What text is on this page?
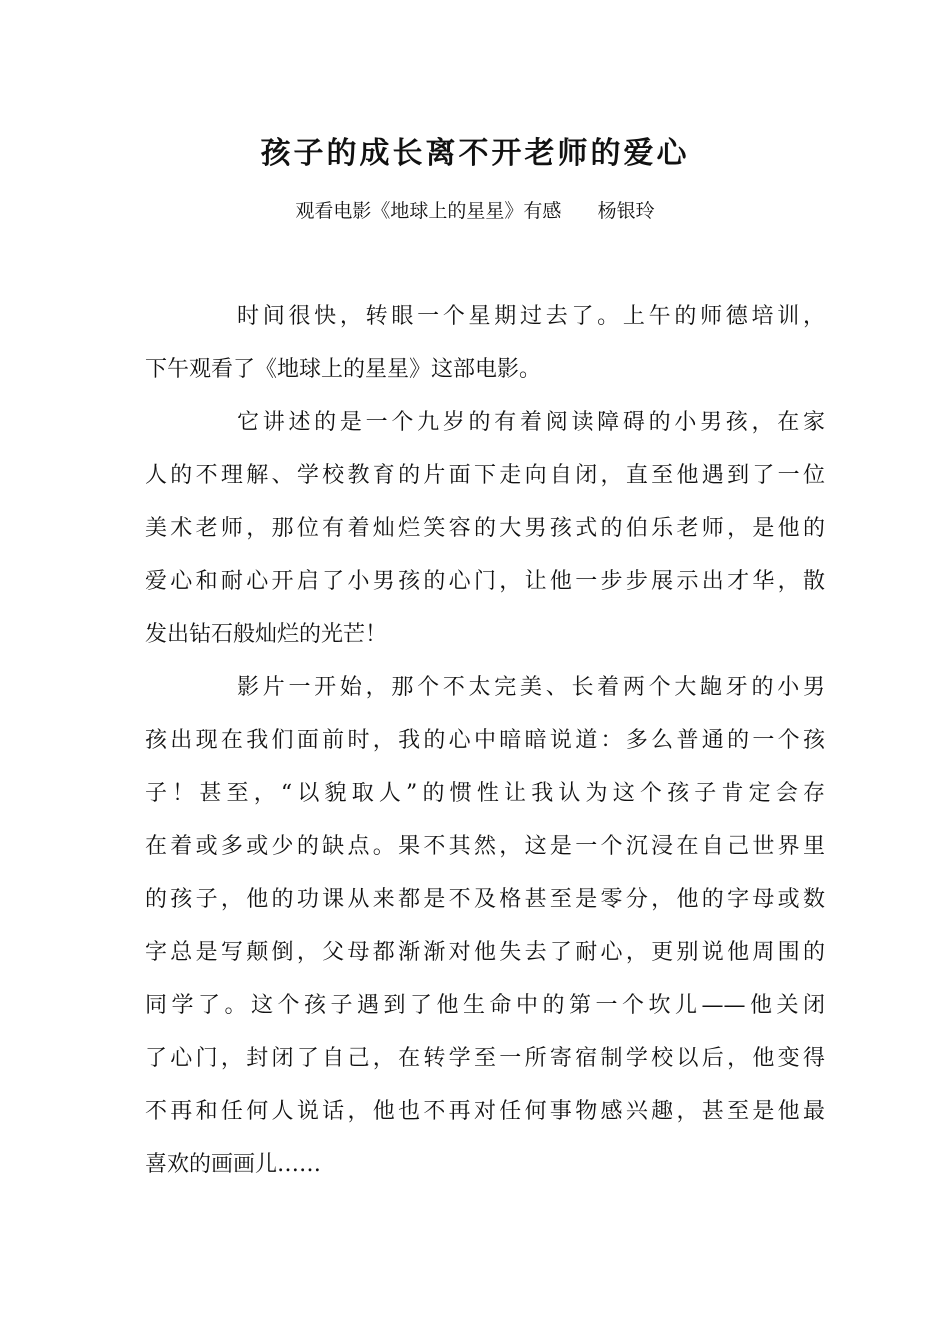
孩子的成长离不开老师的爱心
观看电影《地球上的星星》有感      杨银玲

时间很快，转眼一个星期过去了。上午的师德培训，
下午观看了《地球上的星星》这部电影。

它讲述的是一个九岁的有着阅读障碍的小男孩，在家
人的不理解、学校教育的片面下走向自闭，直至他遇到了一位
美术老师，那位有着灿烂笑容的大男孩式的伯乐老师，是他的
爱心和耐心开启了小男孩的心门，让他一步步展示出才华，散
发出钻石般灿烂的光芒！

影片一开始，那个不太完美、长着两个大龅牙的小男
孩出现在我们面前时，我的心中暗暗说道：多么普通的一个孩
子！甚至，“以貌取人”的惯性让我认为这个孩子肯定会存
在着或多或少的缺点。果不其然，这是一个沉浸在自己世界里
的孩子，他的功课从来都是不及格甚至是零分，他的字母或数
字总是写颠倒，父母都渐渐对他失去了耐心，更别说他周围的
同学了。这个孩子遇到了他生命中的第一个坎儿——他关闭
了心门，封闭了自己，在转学至一所寄宿制学校以后，他变得
不再和任何人说话，他也不再对任何事物感兴趣，甚至是他最
喜欢的画画儿……
